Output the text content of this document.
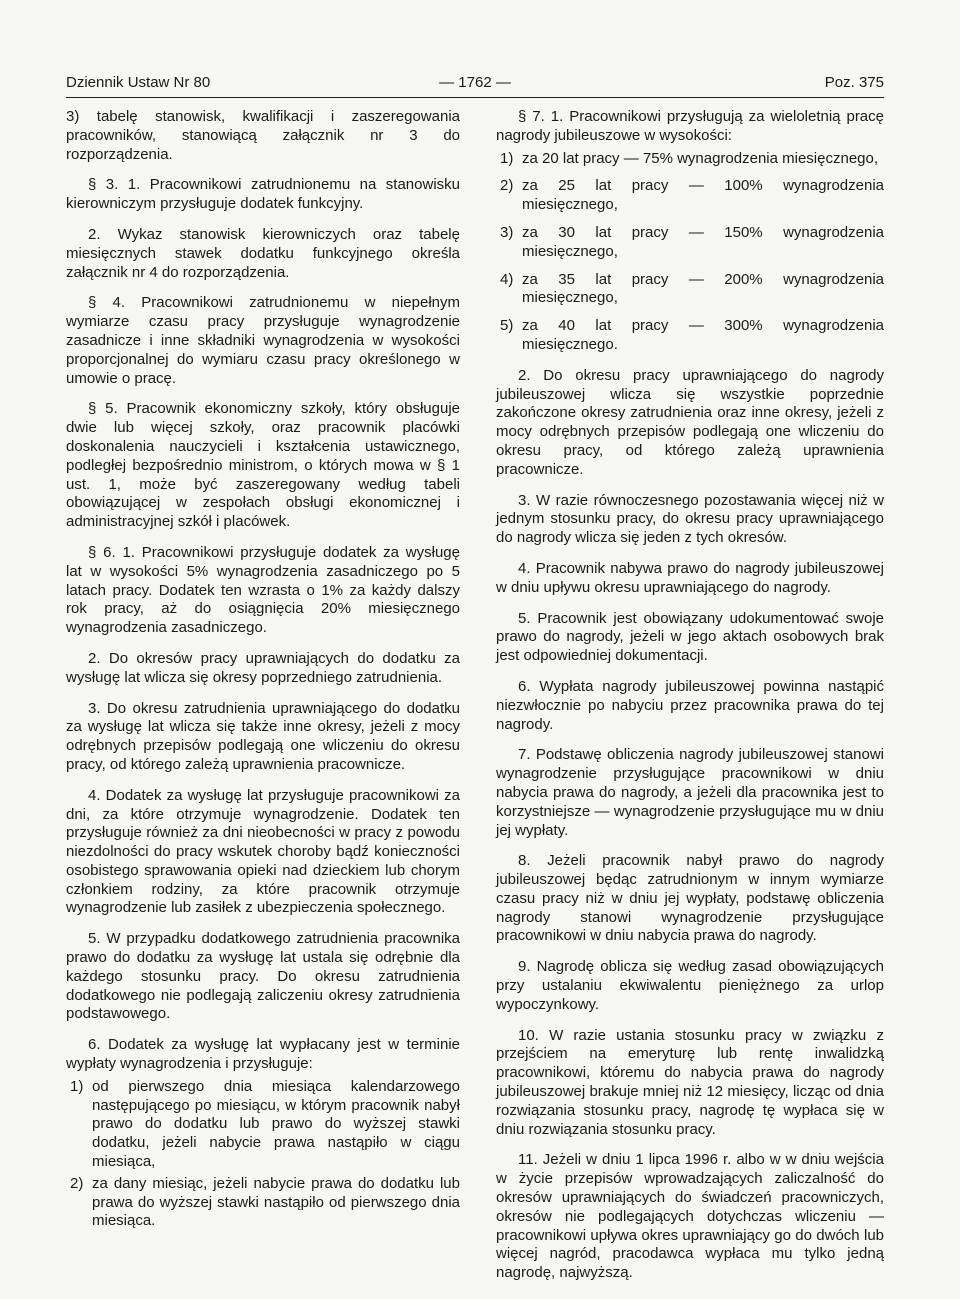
Dziennik Ustaw Nr 80	— 1762 —	Poz. 375

3) tabelę stanowisk, kwalifikacji i zaszeregowania pracowników, stanowiącą załącznik nr 3 do rozporządzenia.

§ 3. 1. Pracownikowi zatrudnionemu na stanowisku kierowniczym przysługuje dodatek funkcyjny.

2. Wykaz stanowisk kierowniczych oraz tabelę miesięcznych stawek dodatku funkcyjnego określa załącznik nr 4 do rozporządzenia.

§ 4. Pracownikowi zatrudnionemu w niepełnym wymiarze czasu pracy przysługuje wynagrodzenie zasadnicze i inne składniki wynagrodzenia w wysokości proporcjonalnej do wymiaru czasu pracy określonego w umowie o pracę.

§ 5. Pracownik ekonomiczny szkoły, który obsługuje dwie lub więcej szkoły, oraz pracownik placówki doskonalenia nauczycieli i kształcenia ustawicznego, podległej bezpośrednio ministrom, o których mowa w § 1 ust. 1, może być zaszeregowany według tabeli obowiązującej w zespołach obsługi ekonomicznej i administracyjnej szkół i placówek.

§ 6. 1. Pracownikowi przysługuje dodatek za wysługę lat w wysokości 5% wynagrodzenia zasadniczego po 5 latach pracy. Dodatek ten wzrasta o 1% za każdy dalszy rok pracy, aż do osiągnięcia 20% miesięcznego wynagrodzenia zasadniczego.

2. Do okresów pracy uprawniających do dodatku za wysługę lat wlicza się okresy poprzedniego zatrudnienia.

3. Do okresu zatrudnienia uprawniającego do dodatku za wysługę lat wlicza się także inne okresy, jeżeli z mocy odrębnych przepisów podlegają one wliczeniu do okresu pracy, od którego zależą uprawnienia pracownicze.

4. Dodatek za wysługę lat przysługuje pracownikowi za dni, za które otrzymuje wynagrodzenie. Dodatek ten przysługuje również za dni nieobecności w pracy z powodu niezdolności do pracy wskutek choroby bądź konieczności osobistego sprawowania opieki nad dzieckiem lub chorym członkiem rodziny, za które pracownik otrzymuje wynagrodzenie lub zasiłek z ubezpieczenia społecznego.

5. W przypadku dodatkowego zatrudnienia pracownika prawo do dodatku za wysługę lat ustala się odrębnie dla każdego stosunku pracy. Do okresu zatrudnienia dodatkowego nie podlegają zaliczeniu okresy zatrudnienia podstawowego.

6. Dodatek za wysługę lat wypłacany jest w terminie wypłaty wynagrodzenia i przysługuje:

1) od pierwszego dnia miesiąca kalendarzowego następującego po miesiącu, w którym pracownik nabył prawo do dodatku lub prawo do wyższej stawki dodatku, jeżeli nabycie prawa nastąpiło w ciągu miesiąca,
2) za dany miesiąc, jeżeli nabycie prawa do dodatku lub prawa do wyższej stawki nastąpiło od pierwszego dnia miesiąca.

§ 7. 1. Pracownikowi przysługują za wieloletnią pracę nagrody jubileuszowe w wysokości:

1) za 20 lat pracy — 75% wynagrodzenia miesięcznego,
2) za 25 lat pracy — 100% wynagrodzenia miesięcznego,
3) za 30 lat pracy — 150% wynagrodzenia miesięcznego,
4) za 35 lat pracy — 200% wynagrodzenia miesięcznego,
5) za 40 lat pracy — 300% wynagrodzenia miesięcznego.

2. Do okresu pracy uprawniającego do nagrody jubileuszowej wlicza się wszystkie poprzednie zakończone okresy zatrudnienia oraz inne okresy, jeżeli z mocy odrębnych przepisów podlegają one wliczeniu do okresu pracy, od którego zależą uprawnienia pracownicze.

3. W razie równoczesnego pozostawania więcej niż w jednym stosunku pracy, do okresu pracy uprawniającego do nagrody wlicza się jeden z tych okresów.

4. Pracownik nabywa prawo do nagrody jubileuszowej w dniu upływu okresu uprawniającego do nagrody.

5. Pracownik jest obowiązany udokumentować swoje prawo do nagrody, jeżeli w jego aktach osobowych brak jest odpowiedniej dokumentacji.

6. Wypłata nagrody jubileuszowej powinna nastąpić niezwłocznie po nabyciu przez pracownika prawa do tej nagrody.

7. Podstawę obliczenia nagrody jubileuszowej stanowi wynagrodzenie przysługujące pracownikowi w dniu nabycia prawa do nagrody, a jeżeli dla pracownika jest to korzystniejsze — wynagrodzenie przysługujące mu w dniu jej wypłaty.

8. Jeżeli pracownik nabył prawo do nagrody jubileuszowej będąc zatrudnionym w innym wymiarze czasu pracy niż w dniu jej wypłaty, podstawę obliczenia nagrody stanowi wynagrodzenie przysługujące pracownikowi w dniu nabycia prawa do nagrody.

9. Nagrodę oblicza się według zasad obowiązujących przy ustalaniu ekwiwalentu pieniężnego za urlop wypoczynkowy.

10. W razie ustania stosunku pracy w związku z przejściem na emeryturę lub rentę inwalidzką pracownikowi, któremu do nabycia prawa do nagrody jubileuszowej brakuje mniej niż 12 miesięcy, licząc od dnia rozwiązania stosunku pracy, nagrodę tę wypłaca się w dniu rozwiązania stosunku pracy.

11. Jeżeli w dniu 1 lipca 1996 r. albo w w dniu wejścia w życie przepisów wprowadzających zaliczalność do okresów uprawniających do świadczeń pracowniczych, okresów nie podlegających dotychczas wliczeniu — pracownikowi upływa okres uprawniający go do dwóch lub więcej nagród, pracodawca wypłaca mu tylko jedną nagrodę, najwyższą.
